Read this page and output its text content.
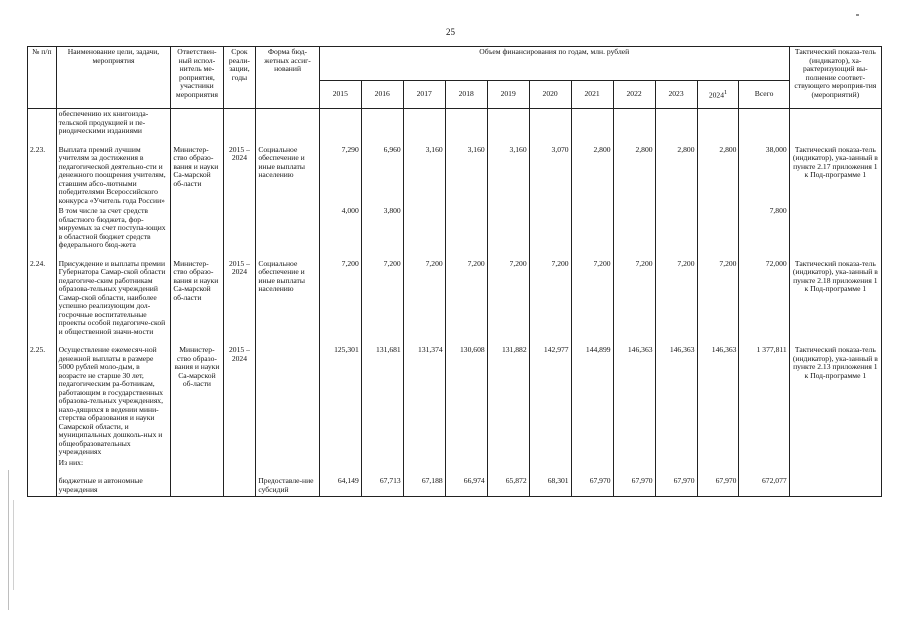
25
№ п/п	Наименование цели, задачи, мероприятия	Ответствен-ный испол-нитель ме-роприятия, участники мероприятия	Срок реали-зации, годы	Форма бюд-жетных ассиг-нований	Объем финансирования по годам, млн. рублей											Тактический показа-тель (индикатор), ха-рактеризующий вы-полнение соответ-ствующего мероприя-тия (мероприятий)
					2015	2016	2017	2018	2019	2020	2021	2022	2023	2024$^1$	Всего	
	обеспечению их книгоизда-тельской продукцией и пе-риодическими изданиями															

2.23.	Выплата премий лучшим учителям за достижения в педагогической деятельно-сти и денежного поощрения учителям, ставшим абсо-лютными победителями Всероссийского конкурса «Учитель года России»	Министер-ство образо-вания и науки Са-марской об-ласти	2015 – 2024	Социальное обеспечение и иные выплаты населению	7,290	6,960	3,160	3,160	3,160	3,070	2,800	2,800	2,800	2,800	38,000	Тактический показа-тель (индикатор), ука-занный в пункте 2.17 приложения 1 к Под-программе 1
	В том числе за счет средств областного бюджета, фор-мируемых за счет поступа-ющих в областной бюджет средств федерального бюд-жета				4,000	3,800									7,800	

2.24.	Присуждение и выплаты премии Губернатора Самар-ской области педагогиче-ским работникам образова-тельных учреждений Самар-ской области, наиболее успешно реализующим дол-госрочные воспитательные проекты особой педагогиче-ской и общественной значи-мости	Министер-ство образо-вания и науки Са-марской об-ласти	2015 – 2024	Социальное обеспечение и иные выплаты населению	7,200	7,200	7,200	7,200	7,200	7,200	7,200	7,200	7,200	7,200	72,000	Тактический показа-тель (индикатор), ука-занный в пункте 2.18 приложения 1 к Под-программе 1

2.25.	Осуществление ежемесяч-ной денежной выплаты в размере 5000 рублей моло-дым, в возрасте не старше 30 лет, педагогическим ра-ботникам, работающим в государственных образова-тельных учреждениях, нахо-дящихся в ведении мини-стерства образования и науки Самарской области, и муниципальных дошколь-ных и общеобразовательных учреждениях	Министер-ство образо-вания и науки Са-марской об-ласти	2015 – 2024		125,301	131,681	131,374	130,608	131,882	142,977	144,899	146,363	146,363	146,363	1 377,811	Тактический показа-тель (индикатор), ука-занный в пункте 2.13 приложения 1 к Под-программе 1
	Из них:															

	бюджетные и автономные учреждения			Предоставле-ние субсидий	64,149	67,713	67,188	66,974	65,872	68,301	67,970	67,970	67,970	67,970	672,077	
